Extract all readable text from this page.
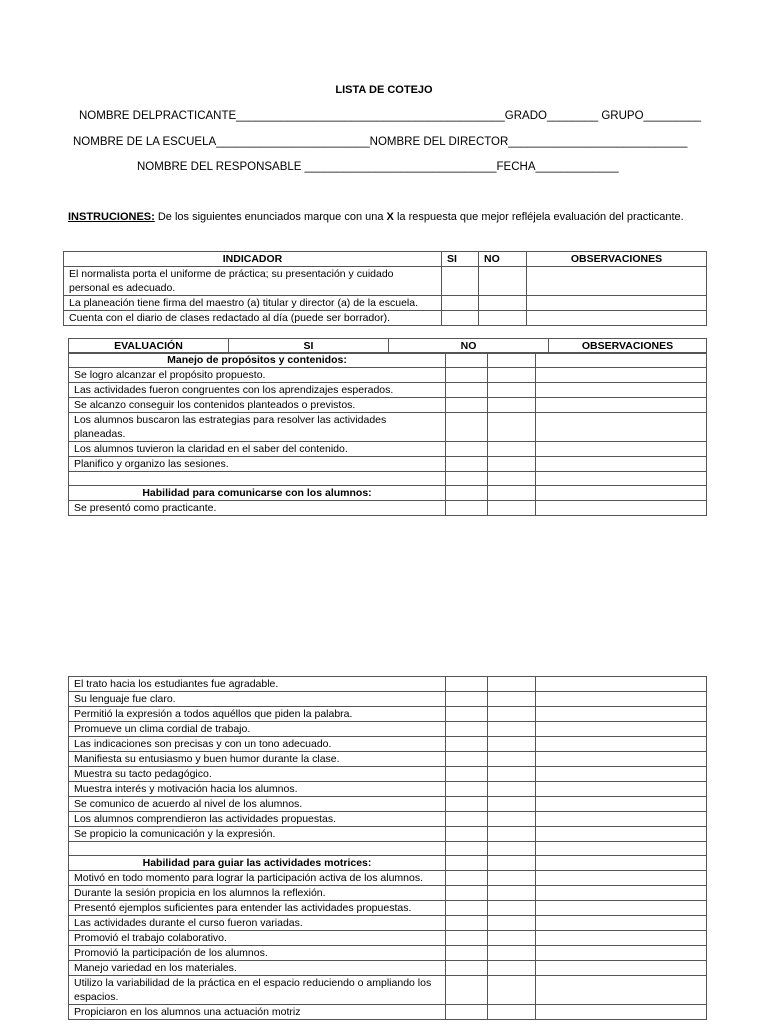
LISTA DE COTEJO
NOMBRE DELPRACTICANTE__________________________________________GRADO________ GRUPO_________
NOMBRE DE LA ESCUELA________________________NOMBRE DEL DIRECTOR____________________________
NOMBRE DEL RESPONSABLE ______________________________FECHA_____________
INSTRUCIONES: De los siguientes enunciados marque con una X la respuesta que mejor refléjela evaluación del practicante.
INDICADOR	SI	NO	OBSERVACIONES
El normalista porta el uniforme de práctica; su presentación y cuidado personal es adecuado.			
La planeación tiene firma del maestro (a) titular y director (a) de la escuela.			
Cuenta con el diario de clases redactado al día (puede ser borrador).			
EVALUACIÓN	SI	NO	OBSERVACIONES
Manejo de propósitos y contenidos:			
Se logro alcanzar el propósito propuesto.			
Las actividades fueron congruentes con los aprendizajes esperados.			
Se alcanzo conseguir los contenidos planteados o previstos.			
Los alumnos buscaron las estrategias para resolver las actividades planeadas.			
Los alumnos tuvieron la claridad en el saber del contenido.			
Planifico y organizo las sesiones.			

Habilidad para comunicarse con los alumnos:			
Se presentó como practicante.			
El trato hacia los estudiantes fue agradable.			
Su lenguaje fue claro.			
Permitió la expresión a todos aquéllos que piden la palabra.			
Promueve un clima cordial de trabajo.			
Las indicaciones son precisas y con un tono adecuado.			
Manifiesta su entusiasmo y buen humor durante la clase.			
Muestra su tacto pedagógico.			
Muestra interés y motivación hacia los alumnos.			
Se comunico de acuerdo al nivel de los alumnos.			
Los alumnos comprendieron las actividades propuestas.			
Se propicio la comunicación y la expresión.			

Habilidad para guiar las actividades motrices:			
Motivó en todo momento para lograr la participación activa de los alumnos.			
Durante la sesión propicia en los alumnos la reflexión.			
Presentó ejemplos suficientes para entender las actividades propuestas.			
Las actividades durante el curso fueron variadas.			
Promovió el trabajo colaborativo.			
Promovió la participación de los alumnos.			
Manejo variedad en los materiales.			
Utilizo la variabilidad de la práctica en el espacio reduciendo o ampliando los espacios.			
Propiciaron en los alumnos una actuación motriz			
